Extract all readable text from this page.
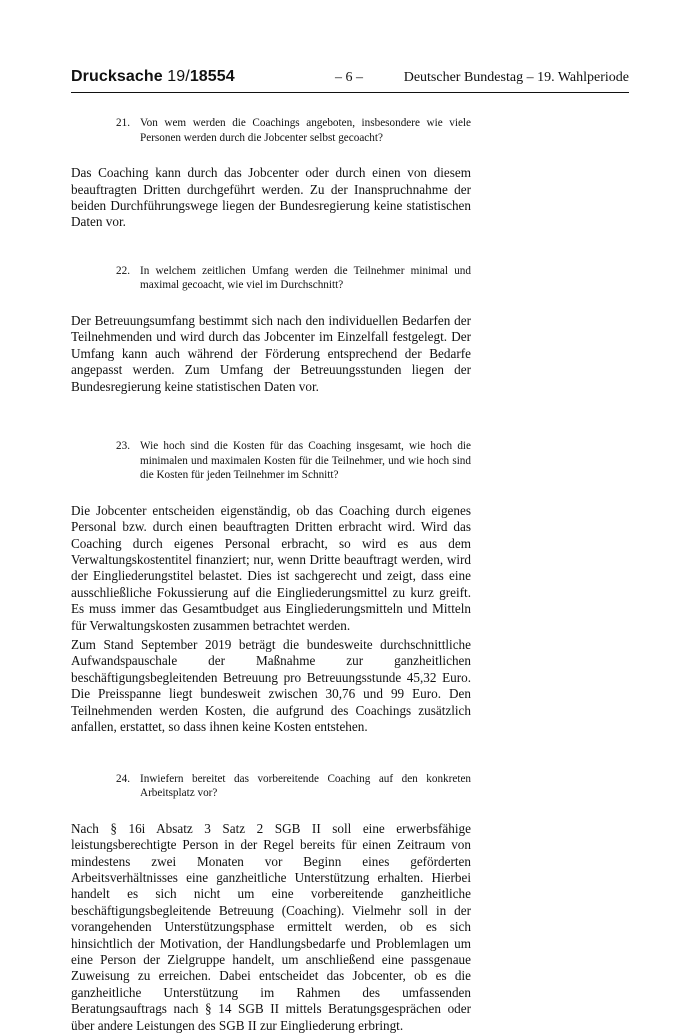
Drucksache 19/18554	– 6 –	Deutscher Bundestag – 19. Wahlperiode
21. Von wem werden die Coachings angeboten, insbesondere wie viele Personen werden durch die Jobcenter selbst gecoacht?

Das Coaching kann durch das Jobcenter oder durch einen von diesem beauftragten Dritten durchgeführt werden. Zu der Inanspruchnahme der beiden Durchführungswege liegen der Bundesregierung keine statistischen Daten vor.

22. In welchem zeitlichen Umfang werden die Teilnehmer minimal und maximal gecoacht, wie viel im Durchschnitt?

Der Betreuungsumfang bestimmt sich nach den individuellen Bedarfen der Teilnehmenden und wird durch das Jobcenter im Einzelfall festgelegt. Der Umfang kann auch während der Förderung entsprechend der Bedarfe angepasst werden. Zum Umfang der Betreuungsstunden liegen der Bundesregierung keine statistischen Daten vor.

23. Wie hoch sind die Kosten für das Coaching insgesamt, wie hoch die minimalen und maximalen Kosten für die Teilnehmer, und wie hoch sind die Kosten für jeden Teilnehmer im Schnitt?

Die Jobcenter entscheiden eigenständig, ob das Coaching durch eigenes Personal bzw. durch einen beauftragten Dritten erbracht wird. Wird das Coaching durch eigenes Personal erbracht, so wird es aus dem Verwaltungskostentitel finanziert; nur, wenn Dritte beauftragt werden, wird der Eingliederungstitel belastet. Dies ist sachgerecht und zeigt, dass eine ausschließliche Fokussierung auf die Eingliederungsmittel zu kurz greift. Es muss immer das Gesamtbudget aus Eingliederungsmitteln und Mitteln für Verwaltungskosten zusammen betrachtet werden.

Zum Stand September 2019 beträgt die bundesweite durchschnittliche Aufwandspauschale der Maßnahme zur ganzheitlichen beschäftigungsbegleitenden Betreuung pro Betreuungsstunde 45,32 Euro. Die Preisspanne liegt bundesweit zwischen 30,76 und 99 Euro. Den Teilnehmenden werden Kosten, die aufgrund des Coachings zusätzlich anfallen, erstattet, so dass ihnen keine Kosten entstehen.

24. Inwiefern bereitet das vorbereitende Coaching auf den konkreten Arbeitsplatz vor?

Nach § 16i Absatz 3 Satz 2 SGB II soll eine erwerbsfähige leistungsberechtigte Person in der Regel bereits für einen Zeitraum von mindestens zwei Monaten vor Beginn eines geförderten Arbeitsverhältnisses eine ganzheitliche Unterstützung erhalten. Hierbei handelt es sich nicht um eine vorbereitende ganzheitliche beschäftigungsbegleitende Betreuung (Coaching). Vielmehr soll in der vorangehenden Unterstützungsphase ermittelt werden, ob es sich hinsichtlich der Motivation, der Handlungsbedarfe und Problemlagen um eine Person der Zielgruppe handelt, um anschließend eine passgenaue Zuweisung zu erreichen. Dabei entscheidet das Jobcenter, ob es die ganzheitliche Unterstützung im Rahmen des umfassenden Beratungsauftrags nach § 14 SGB II mittels Beratungsgesprächen oder über andere Leistungen des SGB II zur Eingliederung erbringt.
